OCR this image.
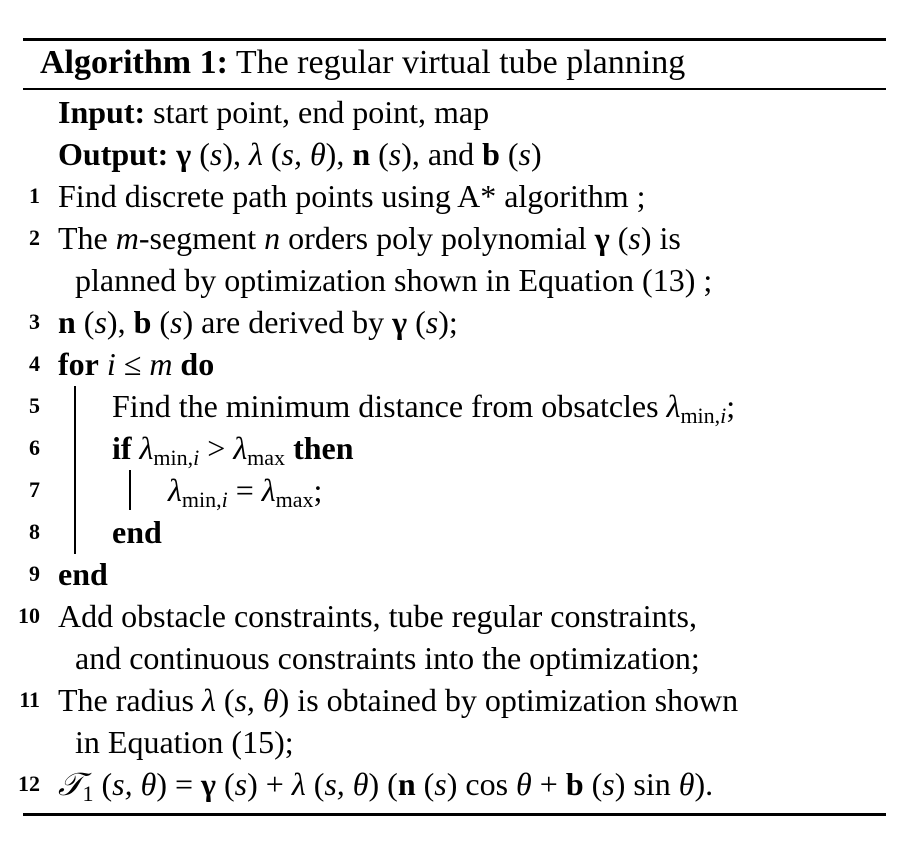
Algorithm 1: The regular virtual tube planning
Input: start point, end point, map
Output: γ (s), λ (s, θ), n (s), and b (s)
1 Find discrete path points using A* algorithm ;
2 The m-segment n orders poly polynomial γ (s) is
planned by optimization shown in Equation (13) ;
3 n (s), b (s) are derived by γ (s);
4 for i ≤ m do
5 Find the minimum distance from obsatcles $\lambda_{min,i}$;
6 if $\lambda_{min,i} > \lambda_{max}$ then
7	$\lambda_{min,i} = \lambda_{max}$;
8 end
9 end
10 Add obstacle constraints, tube regular constraints,
and continuous constraints into the optimization;
11 The radius λ (s, θ) is obtained by optimization shown
in Equation (15);
12 𝒯$_1$ (s, θ) = γ (s) + λ (s, θ) (n (s) cos θ + b (s) sin θ).
